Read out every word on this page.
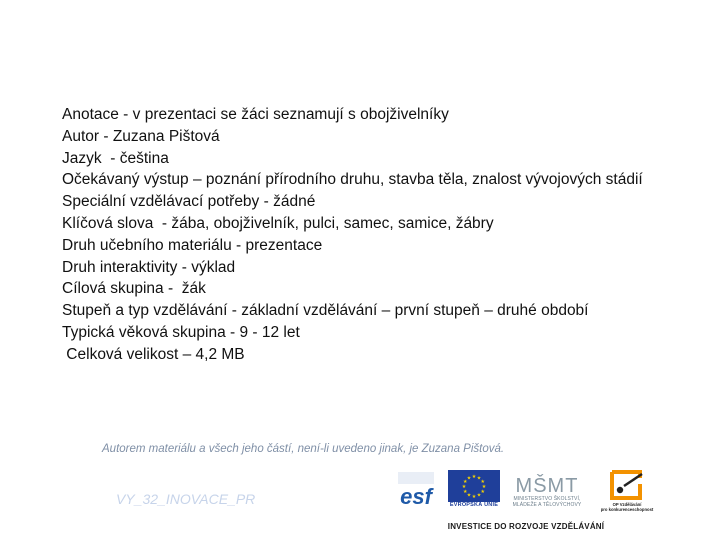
Anotace - v prezentaci se žáci seznamují s obojživelníky
Autor - Zuzana Pištová
Jazyk  - čeština
Očekávaný výstup – poznání přírodního druhu, stavba těla, znalost vývojových stádií
Speciální vzdělávací potřeby - žádné
Klíčová slova  - žába, obojživelník, pulci, samec, samice, žábry
Druh učebního materiálu - prezentace
Druh interaktivity - výklad
Cílová skupina -  žák
Stupeň a typ vzdělávání - základní vzdělávání – první stupeň – druhé období
Typická věková skupina - 9 - 12 let
Celková velikost – 4,2 MB
Autorem materiálu a všech jeho částí, není-li uvedeno jinak, je Zuzana Pištová.
VY_32_INOVACE_PR	esf
★ ★
★
★
★
★
★
★
★
★
★
★
EVROPSKÁ UNIE
MŠMT
MINISTERSTVO ŠKOLSTVÍ,
MLÁDEŽE A TĚLOVÝCHOVY	OP Vzdělávání
pro konkurenceschopnost
INVESTICE DO ROZVOJE VZDĚLÁVÁNÍ
